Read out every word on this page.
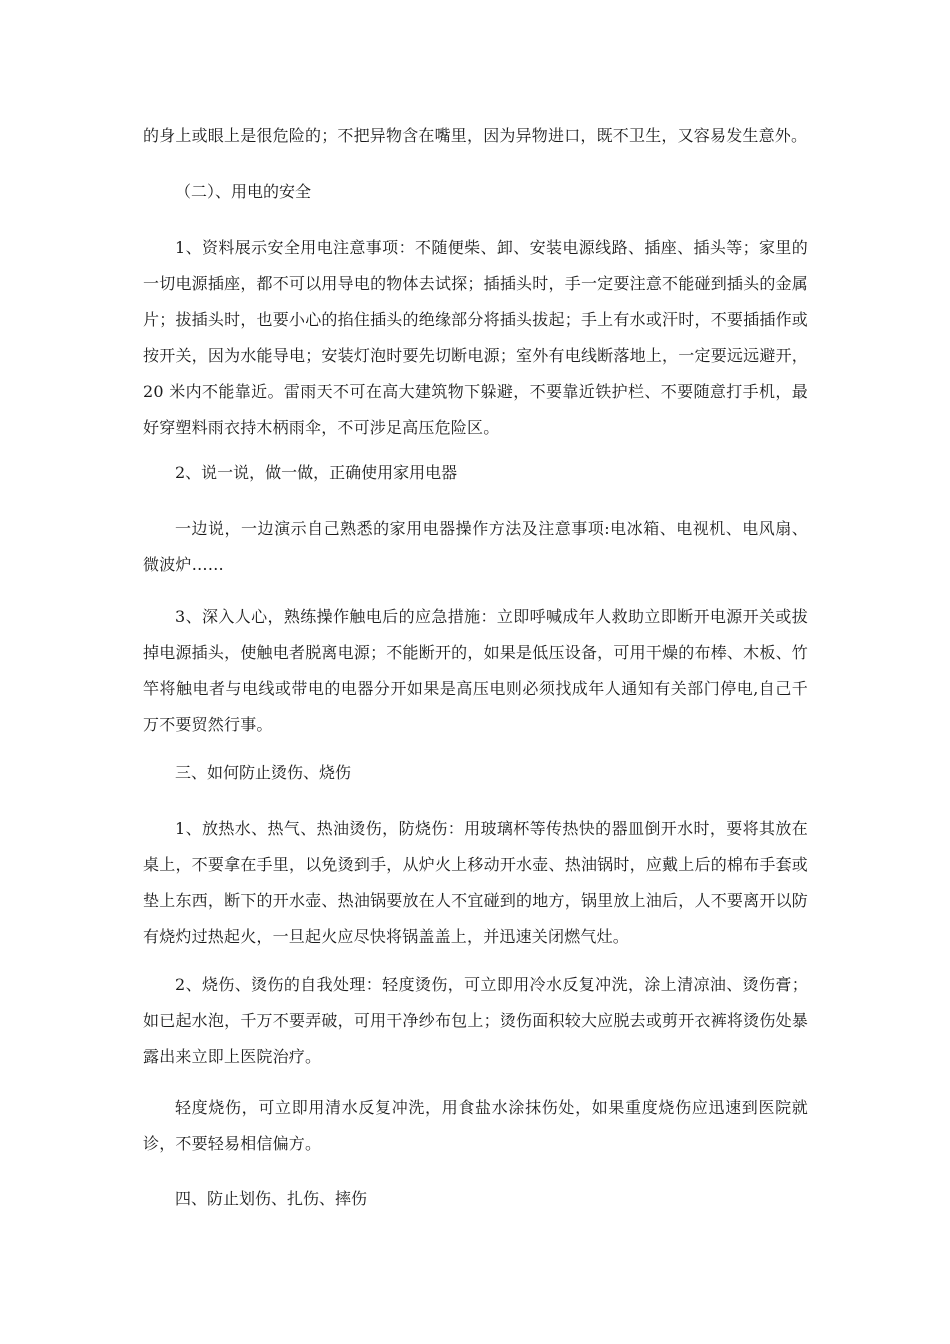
的身上或眼上是很危险的；不把异物含在嘴里，因为异物进口，既不卫生，又容易发生意外。

（二）、用电的安全

1、资料展示安全用电注意事项：不随便柴、卸、安装电源线路、插座、插头等；家里的一切电源插座，都不可以用导电的物体去试探；插插头时，手一定要注意不能碰到插头的金属片；拔插头时，也要小心的掐住插头的绝缘部分将插头拔起；手上有水或汗时，不要插插作或按开关，因为水能导电；安装灯泡时要先切断电源；室外有电线断落地上，一定要远远避开，20 米内不能靠近。雷雨天不可在高大建筑物下躲避，不要靠近铁护栏、不要随意打手机，最好穿塑料雨衣持木柄雨伞，不可涉足高压危险区。

2、说一说，做一做，正确使用家用电器

一边说，一边演示自己熟悉的家用电器操作方法及注意事项:电冰箱、电视机、电风扇、微波炉……

3、深入人心，熟练操作触电后的应急措施：立即呼喊成年人救助立即断开电源开关或拔掉电源插头，使触电者脱离电源；不能断开的，如果是低压设备，可用干燥的布棒、木板、竹竿将触电者与电线或带电的电器分开如果是高压电则必须找成年人通知有关部门停电,自己千万不要贸然行事。

三、如何防止烫伤、烧伤

1、放热水、热气、热油烫伤，防烧伤：用玻璃杯等传热快的器皿倒开水时，要将其放在桌上，不要拿在手里，以免烫到手，从炉火上移动开水壶、热油锅时，应戴上后的棉布手套或垫上东西，断下的开水壶、热油锅要放在人不宜碰到的地方，锅里放上油后，人不要离开以防有烧灼过热起火，一旦起火应尽快将锅盖盖上，并迅速关闭燃气灶。

2、烧伤、烫伤的自我处理：轻度烫伤，可立即用冷水反复冲洗，涂上清凉油、烫伤膏；如已起水泡，千万不要弄破，可用干净纱布包上；烫伤面积较大应脱去或剪开衣裤将烫伤处暴露出来立即上医院治疗。

轻度烧伤，可立即用清水反复冲洗，用食盐水涂抹伤处，如果重度烧伤应迅速到医院就诊，不要轻易相信偏方。

四、防止划伤、扎伤、摔伤
